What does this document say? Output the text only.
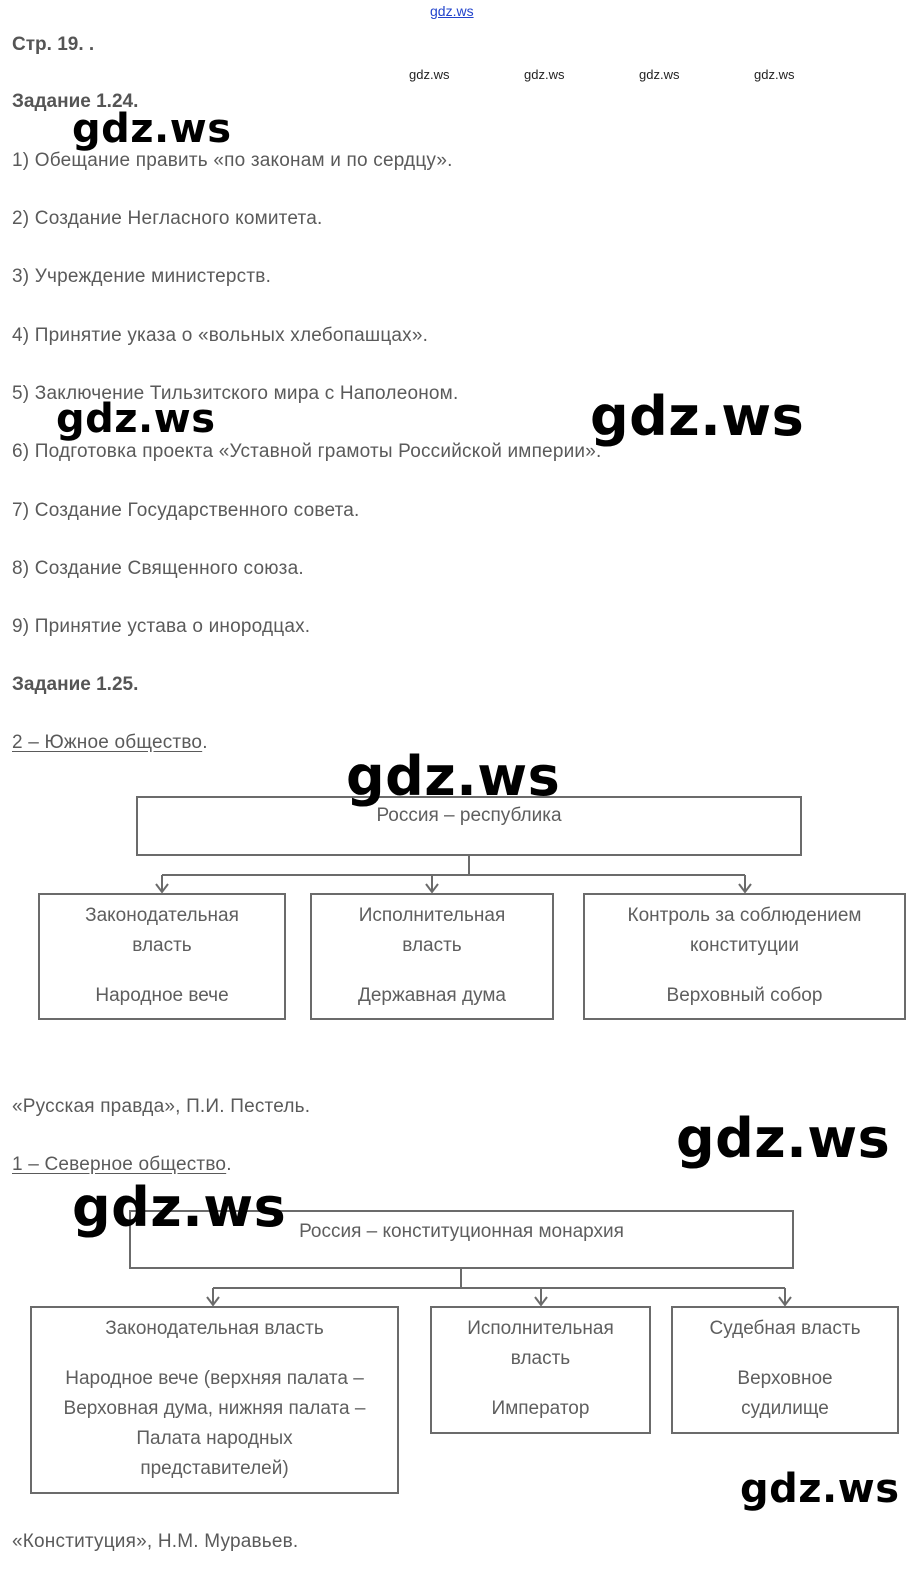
gdz.ws
gdz.ws	gdz.ws	gdz.ws	gdz.ws
Стр. 19. .
Задание 1.24.
1) Обещание править «по законам и по сердцу».
2) Создание Негласного комитета.
3) Учреждение министерств.
4) Принятие указа о «вольных хлебопашцах».
5) Заключение Тильзитского мира с Наполеоном.
6) Подготовка проекта «Уставной грамоты Российской империи».
7) Создание Государственного совета.
8) Создание Священного союза.
9) Принятие устава о инородцах.
Задание 1.25.
2 – Южное общество.
Россия – республика
Законодательная власть
Народное вече
Исполнительная власть
Державная дума
Контроль за соблюдением конституции
Верховный собор
«Русская правда», П.И. Пестель.
1 – Северное общество.
Россия – конституционная монархия
Законодательная власть
Народное вече (верхняя палата – Верховная дума, нижняя палата – Палата народных представителей)
Исполнительная власть
Император
Судебная власть
Верховное судилище
«Конституция», Н.М. Муравьев.
gdz.ws
gdz.ws	gdz.ws
gdz.ws
gdz.ws
gdz.ws
gdz.ws
